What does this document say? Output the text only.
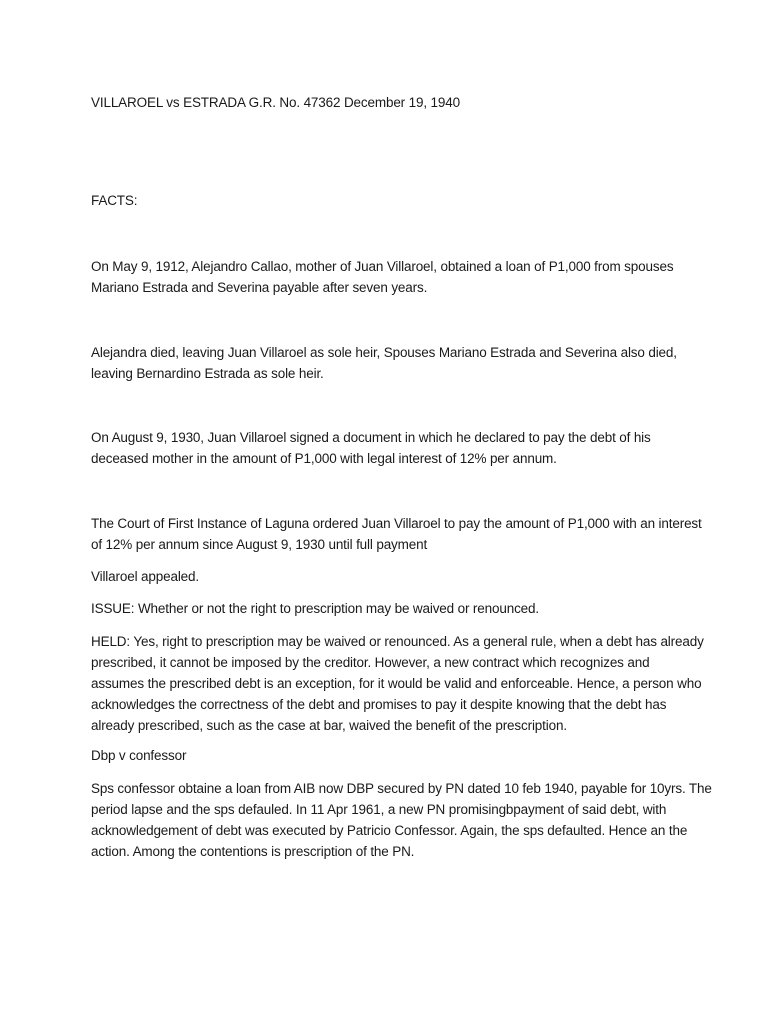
VILLAROEL vs ESTRADA G.R. No. 47362 December 19, 1940

FACTS:

On May 9, 1912, Alejandro Callao, mother of Juan Villaroel, obtained a loan of P1,000 from spouses
Mariano Estrada and Severina payable after seven years.

Alejandra died, leaving Juan Villaroel as sole heir, Spouses Mariano Estrada and Severina also died,
leaving Bernardino Estrada as sole heir.

On August 9, 1930, Juan Villaroel signed a document in which he declared to pay the debt of his
deceased mother in the amount of P1,000 with legal interest of 12% per annum.

The Court of First Instance of Laguna ordered Juan Villaroel to pay the amount of P1,000 with an interest
of 12% per annum since August 9, 1930 until full payment

Villaroel appealed.

ISSUE: Whether or not the right to prescription may be waived or renounced.

HELD: Yes, right to prescription may be waived or renounced. As a general rule, when a debt has already
prescribed, it cannot be imposed by the creditor. However, a new contract which recognizes and
assumes the prescribed debt is an exception, for it would be valid and enforceable. Hence, a person who
acknowledges the correctness of the debt and promises to pay it despite knowing that the debt has
already prescribed, such as the case at bar, waived the benefit of the prescription.

Dbp v confessor

Sps confessor obtaine a loan from AIB now DBP secured by PN dated 10 feb 1940, payable for 10yrs. The
period lapse and the sps defauled. In 11 Apr 1961, a new PN promisingbpayment of said debt, with
acknowledgement of debt was executed by Patricio Confessor. Again, the sps defaulted. Hence an the
action. Among the contentions is prescription of the PN.
